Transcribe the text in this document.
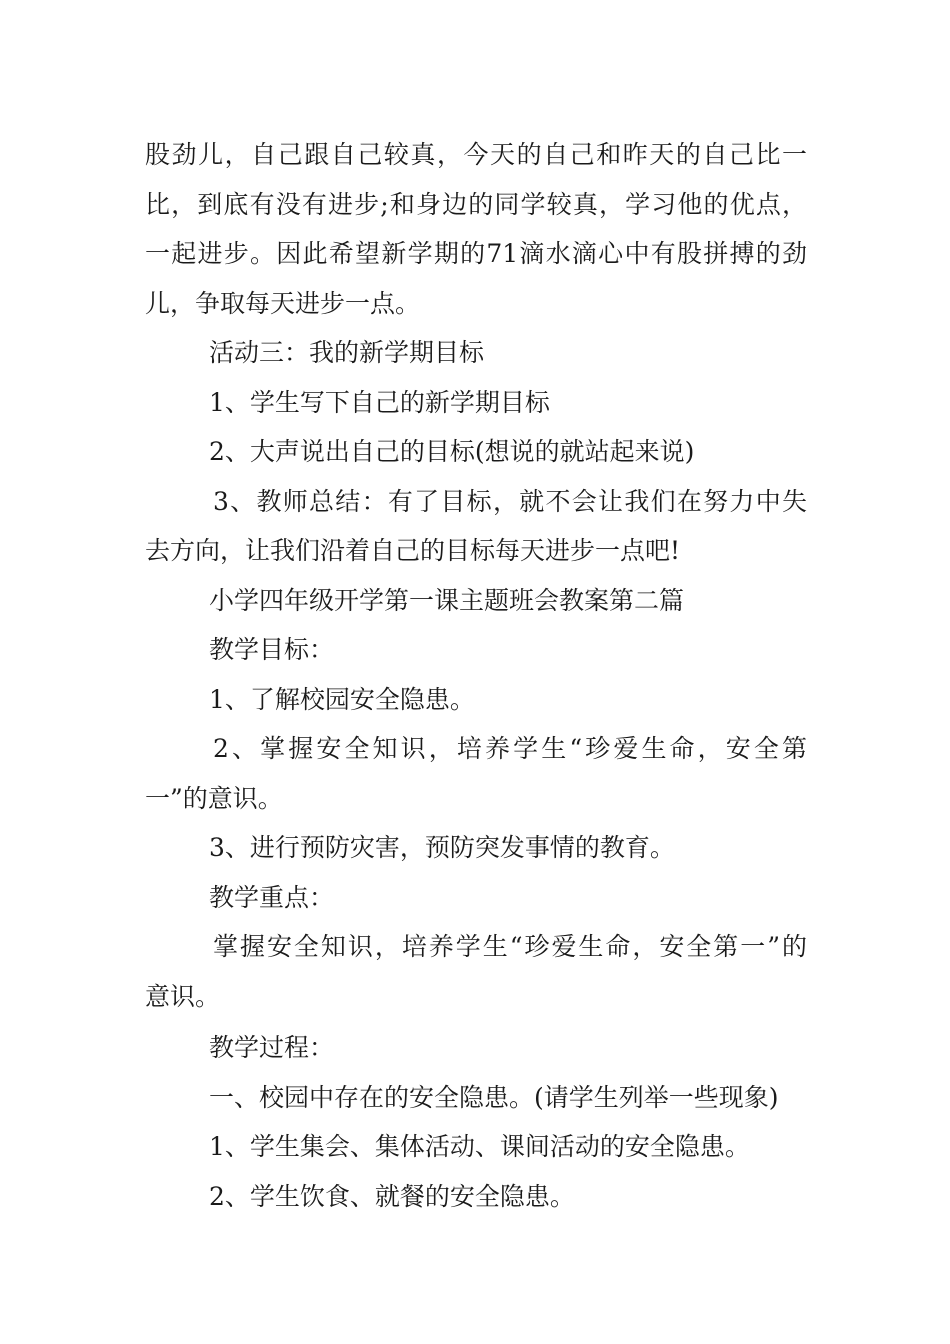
股劲儿，自己跟自己较真，今天的自己和昨天的自己比一

比，到底有没有进步;和身边的同学较真，学习他的优点，

一起进步。因此希望新学期的71滴水滴心中有股拼搏的劲

儿，争取每天进步一点。

活动三：我的新学期目标

1、学生写下自己的新学期目标

2、大声说出自己的目标(想说的就站起来说)

3、教师总结：有了目标，就不会让我们在努力中失

去方向，让我们沿着自己的目标每天进步一点吧!

小学四年级开学第一课主题班会教案第二篇

教学目标：

1、了解校园安全隐患。

2、掌握安全知识，培养学生“珍爱生命，安全第

一”的意识。

3、进行预防灾害，预防突发事情的教育。

教学重点：

掌握安全知识，培养学生“珍爱生命，安全第一”的

意识。

教学过程：

一、校园中存在的安全隐患。(请学生列举一些现象)

1、学生集会、集体活动、课间活动的安全隐患。

2、学生饮食、就餐的安全隐患。
